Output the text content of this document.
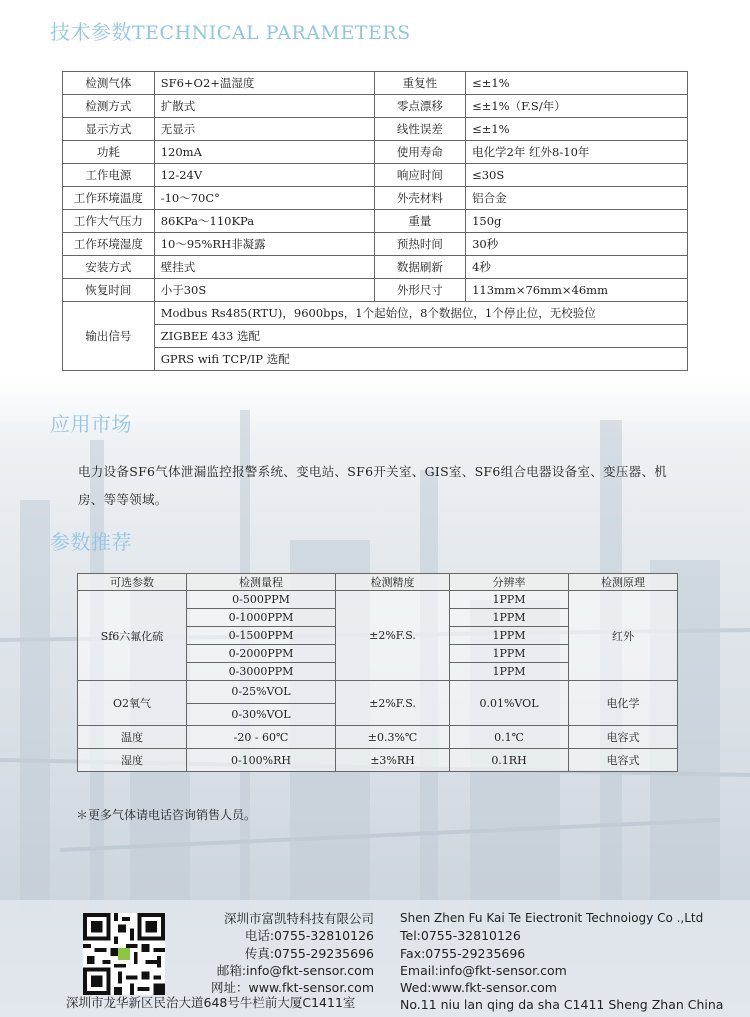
技术参数TECHNICAL PARAMETERS
检测气体	SF6+O2+温湿度	重复性	≤±1%
检测方式	扩散式	零点漂移	≤±1%（F.S/年）
显示方式	无显示	线性误差	≤±1%
功耗	120mA	使用寿命	电化学2年 红外8-10年
工作电源	12-24V	响应时间	≤30S
工作环境温度	-10～70C°	外壳材料	铝合金
工作大气压力	86KPa～110KPa	重量	150g
工作环境湿度	10～95%RH非凝露	预热时间	30秒
安装方式	壁挂式	数据刷新	4秒
恢复时间	小于30S	外形尺寸	113mm×76mm×46mm
输出信号	Modbus Rs485(RTU)，9600bps，1个起始位，8个数据位，1个停止位，无校验位		
	ZIGBEE 433 选配		
	GPRS wifi TCP/IP 选配		
应用市场
电力设备SF6气体泄漏监控报警系统、变电站、SF6开关室、GIS室、SF6组合电器设备室、变压器、机房、等等领域。
参数推荐
可选参数	检测量程	检测精度	分辨率	检测原理
Sf6六氟化硫	0-500PPM	±2%F.S.	1PPM	红外
	0-1000PPM		1PPM	
	0-1500PPM		1PPM	
	0-2000PPM		1PPM	
	0-3000PPM		1PPM	
O2氧气	0-25%VOL	±2%F.S.	0.01%VOL	电化学
	0-30%VOL			
温度	-20 - 60℃	±0.3%℃	0.1℃	电容式
湿度	0-100%RH	±3%RH	0.1RH	电容式
＊更多气体请电话咨询销售人员。
深圳市富凯特科技有限公司
电话:0755-32810126
传真:0755-29235696
邮箱:info@fkt-sensor.com
网址：www.fkt-sensor.com
深圳市龙华新区民治大道648号牛栏前大厦C1411室
Shen Zhen Fu Kai Te Eiectronit Technoiogy Co .,Ltd
Tel:0755-32810126
Fax:0755-29235696
Email:info@fkt-sensor.com
Wed:www.fkt-sensor.com
No.11 niu lan qing da sha C1411 Sheng Zhan China
